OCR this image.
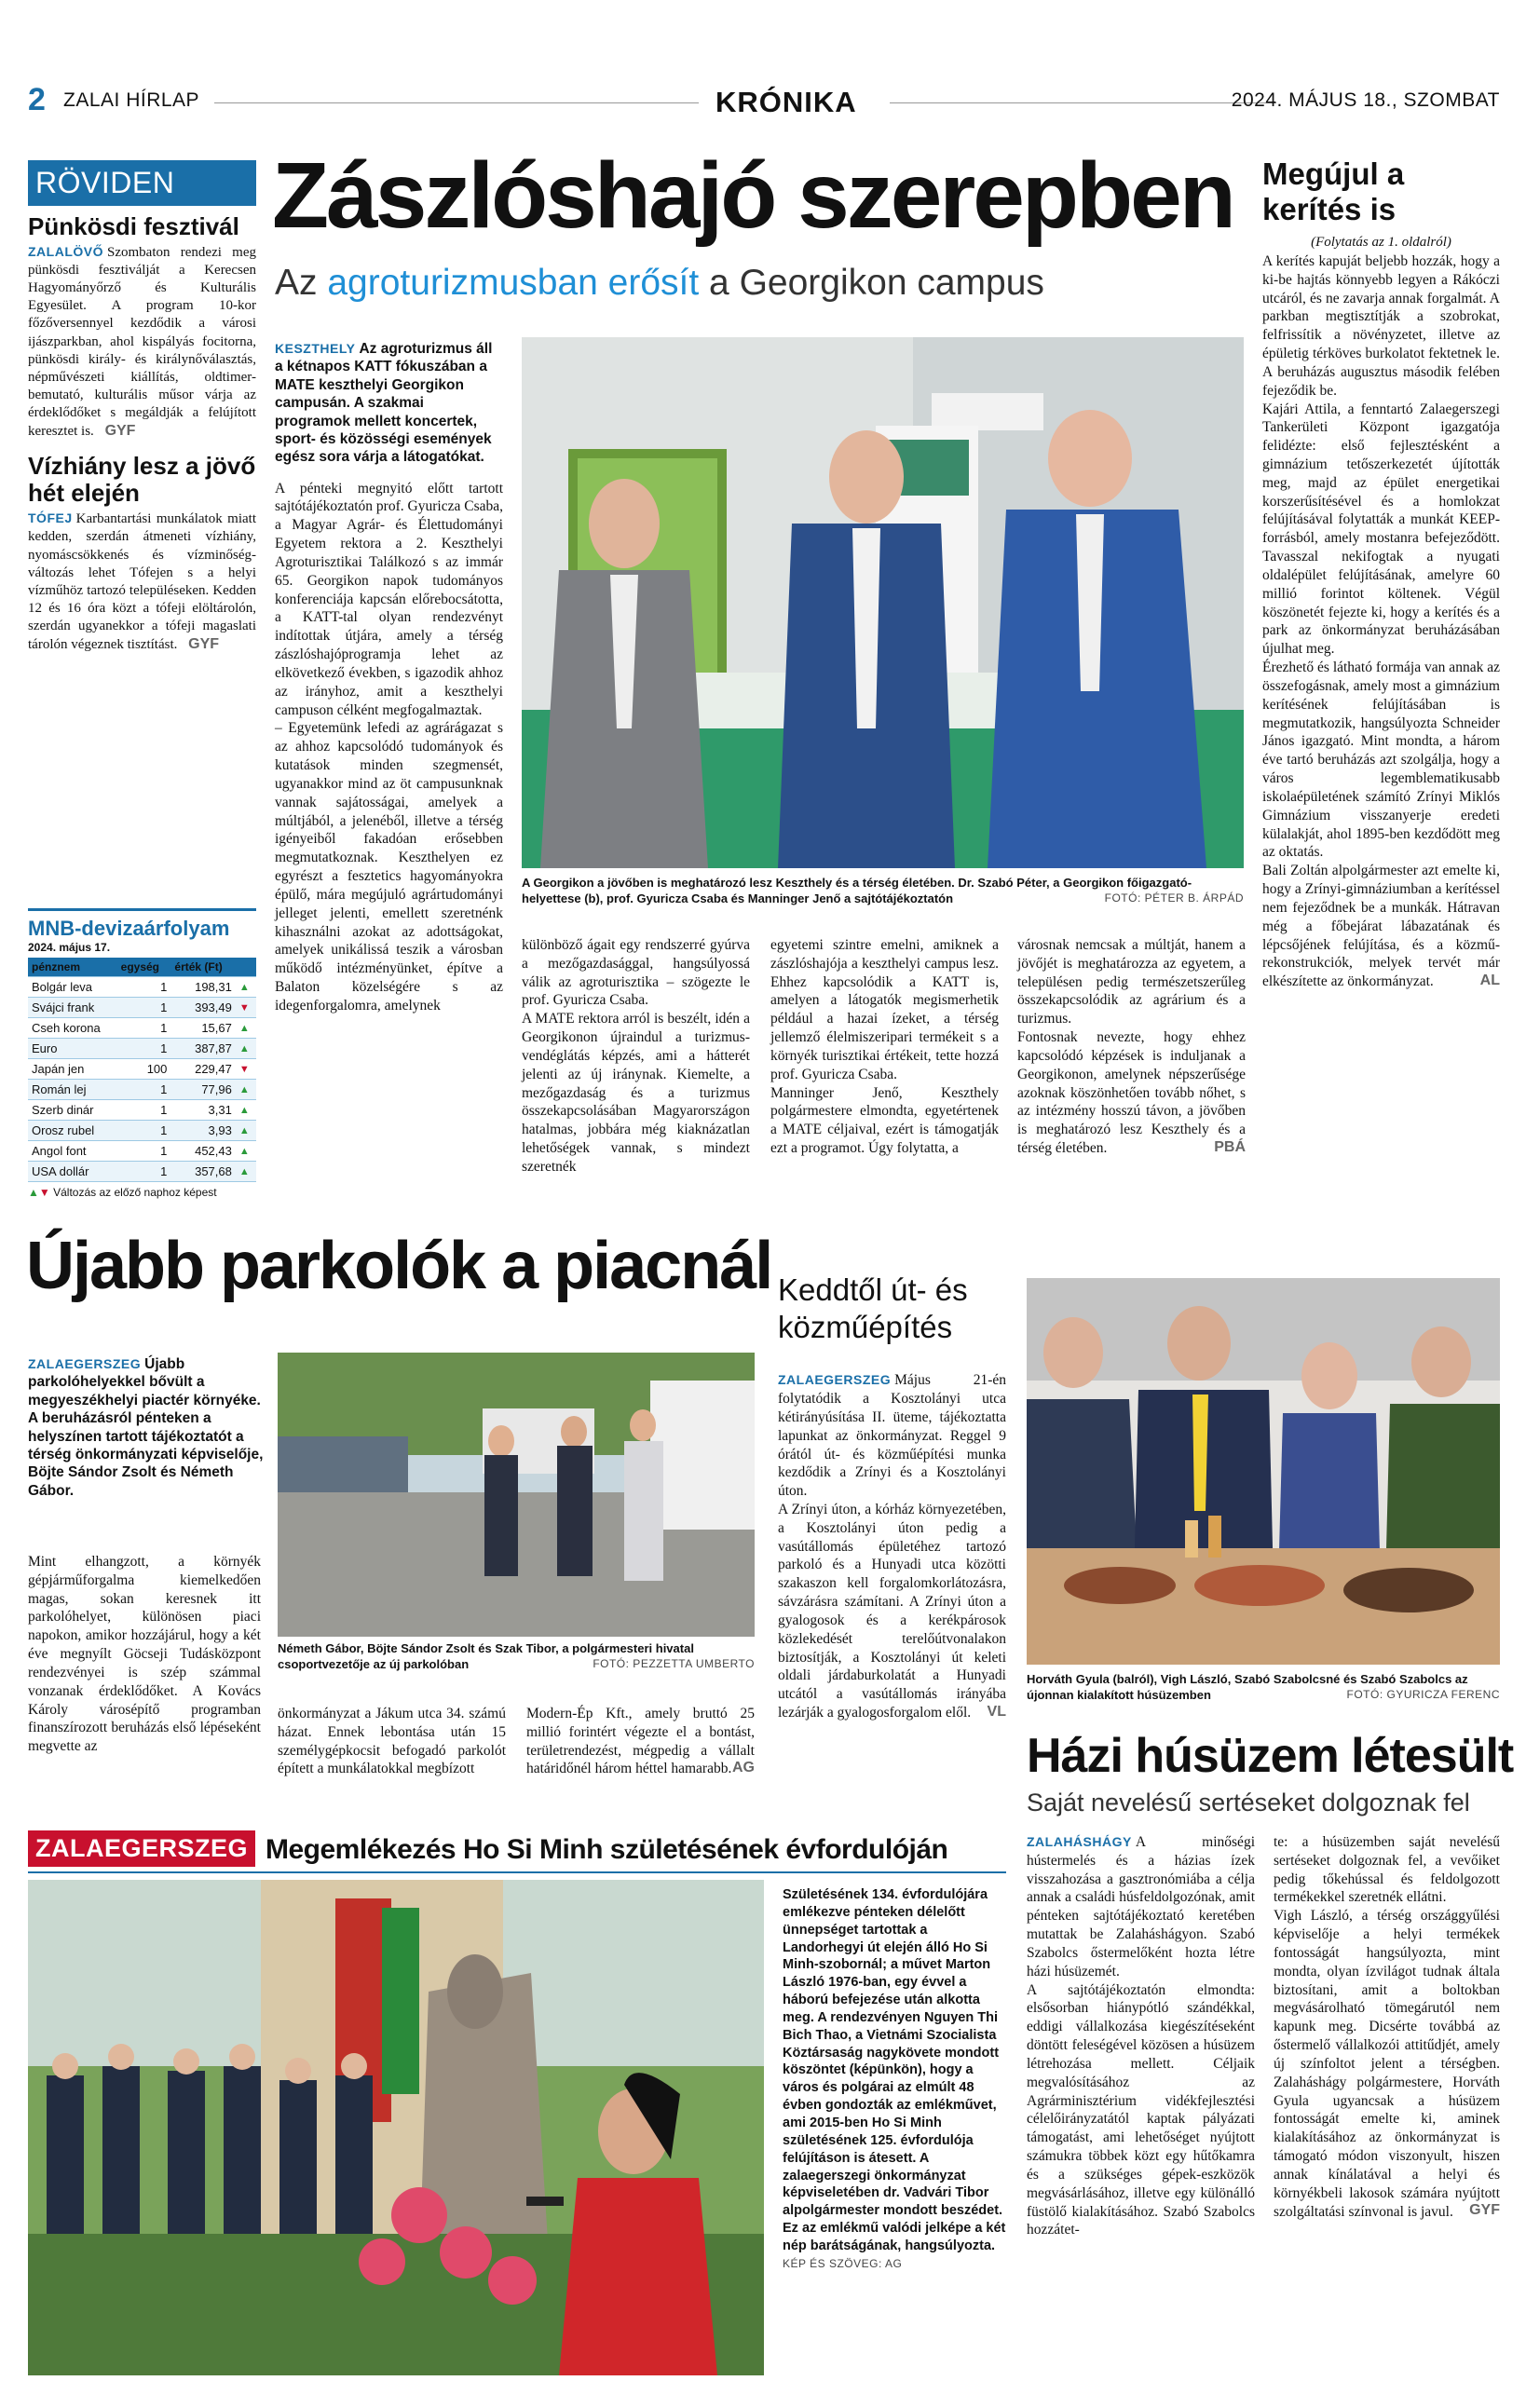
2 ZALAI HÍRLAP	KRÓNIKA	2024. MÁJUS 18., SZOMBAT
RÖVIDEN
Pünkösdi fesztivál
ZALALÖVŐ Szombaton rendezi meg pünkösdi fesztiválját a Kerecsen Hagyományőrző és Kulturális Egyesület. A program 10-kor főzőversennyel kezdődik a városi ijászparkban, ahol kispályás focitorna, pünkösdi király- és királynőválasztás, népművészeti kiállítás, oldtimer-bemutató, kulturális műsor várja az érdeklődőket s megáldják a felújított keresztet is. GYF
Vízhiány lesz a jövő hét elején
TÓFEJ Karbantartási munkálatok miatt kedden, szerdán átmeneti vízhiány, nyomáscsökkenés és vízminőség-változás lehet Tófejen s a helyi vízműhöz tartozó településeken. Kedden 12 és 16 óra közt a tófeji elöltárolón, szerdán ugyanekkor a tófeji magaslati tárolón végeznek tisztítást. GYF
MNB-devizaárfolyam
2024. május 17.
pénznem	egység	érték (Ft)	
Bolgár leva	1	198,31	▲
Svájci frank	1	393,49	▼
Cseh korona	1	15,67	▲
Euro	1	387,87	▲
Japán jen	100	229,47	▼
Román lej	1	77,96	▲
Szerb dinár	1	3,31	▲
Orosz rubel	1	3,93	▲
Angol font	1	452,43	▲
USA dollár	1	357,68	▲
▲▼ Változás az előző naphoz képest
Zászlóshajó szerepben
Az agroturizmusban erősít a Georgikon campus
KESZTHELY Az agroturizmus áll a kétnapos KATT fókuszában a MATE keszthelyi Georgikon campusán. A szakmai programok mellett koncertek, sport- és közösségi események egész sora várja a látogatókat.
A pénteki megnyitó előtt tartott sajtótájékoztatón prof. Gyuricza Csaba, a Magyar Agrár- és Élettudományi Egyetem rektora a 2. Keszthelyi Agroturisztikai Találkozó s az immár 65. Georgikon napok tudományos konferenciája kapcsán előrebocsátotta, a KATT-tal olyan rendezvényt indítottak útjára, amely a térség zászlóshajóprogramja lehet az elkövetkező években, s igazodik ahhoz az irányhoz, amit a keszthelyi campuson célként megfogalmaztak.
– Egyetemünk lefedi az agrárágazat s az ahhoz kapcsolódó tudományok és kutatások minden szegmensét, ugyanakkor mind az öt campusunknak vannak sajátosságai, amelyek a múltjából, a jelenéből, illetve a térség igényeiből fakadóan erősebben megmutatkoznak. Keszthelyen ez egyrészt a fesztetics hagyományokra épülő, mára megújuló agrártudományi jelleget jelenti, emellett szeretnénk kihasználni azokat az adottságokat, amelyek unikálissá teszik a városban működő intézményünket, építve a Balaton közelségére s az idegenforgalomra, amelynek
A Georgikon a jövőben is meghatározó lesz Keszthely és a térség életében. Dr. Szabó Péter, a Georgikon főigazgató-helyettese (b), prof. Gyuricza Csaba és Manninger Jenő a sajtótájékoztatón	FOTÓ: PÉTER B. ÁRPÁD
különböző ágait egy rendszerré gyúrva a mezőgazdasággal, hangsúlyossá válik az agroturisztika – szögezte le prof. Gyuricza Csaba.
A MATE rektora arról is beszélt, idén a Georgikonon újraindul a turizmus-vendéglátás képzés, ami a hátterét jelenti az új iránynak. Kiemelte, a mezőgazdaság és a turizmus összekapcsolásában Magyarországon hatalmas, jobbára még kiaknázatlan lehetőségek vannak, s mindezt szeretnék
egyetemi szintre emelni, amiknek a zászlóshajója a keszthelyi campus lesz. Ehhez kapcsolódik a KATT is, amelyen a látogatók megismerhetik például a hazai ízeket, a térség jellemző élelmiszeripari termékeit s a környék turisztikai értékeit, tette hozzá prof. Gyuricza Csaba.
Manninger Jenő, Keszthely polgármestere elmondta, egyetértenek a MATE céljaival, ezért is támogatják ezt a programot. Úgy folytatta, a
városnak nemcsak a múltját, hanem a jövőjét is meghatározza az egyetem, a településen pedig természetszerűleg összekapcsolódik az agrárium és a turizmus.
Fontosnak nevezte, hogy ehhez kapcsolódó képzések is induljanak a Georgikonon, amelynek népszerűsége azoknak köszönhetően tovább nőhet, s az intézmény hosszú távon, a jövőben is meghatározó lesz Keszthely és a térség életében.	PBÁ
Megújul a kerítés is
(Folytatás az 1. oldalról)
A kerítés kapuját beljebb hozzák, hogy a ki-be hajtás könnyebb legyen a Rákóczi utcáról, és ne zavarja annak forgalmát. A parkban megtisztítják a szobrokat, felfrissítik a növényzetet, illetve az épületig térköves burkolatot fektetnek le. A beruházás augusztus második felében fejeződik be.
Kajári Attila, a fenntartó Zalaegerszegi Tankerületi Központ igazgatója felidézte: első fejlesztésként a gimnázium tetőszerkezetét újították meg, majd az épület energetikai korszerűsítésével és a homlokzat felújításával folytatták a munkát KEEP-forrásból, amely mostanra befejeződött. Tavasszal nekifogtak a nyugati oldalépület felújításának, amelyre 60 millió forintot költenek. Végül köszönetét fejezte ki, hogy a kerítés és a park az önkormányzat beruházásában újulhat meg.
Érezhető és látható formája van annak az összefogásnak, amely most a gimnázium kerítésének felújításában is megmutatkozik, hangsúlyozta Schneider János igazgató. Mint mondta, a három éve tartó beruházás azt szolgálja, hogy a város legemblematikusabb iskolaépületének számító Zrínyi Miklós Gimnázium visszanyerje eredeti külalakját, ahol 1895-ben kezdődött meg az oktatás.
Bali Zoltán alpolgármester azt emelte ki, hogy a Zrínyi-gimnáziumban a kerítéssel nem fejeződnek be a munkák. Hátravan még a főbejárat lábazatának és lépcsőjének felújítása, és a közmű-rekonstrukciók, melyek tervét már elkészítette az önkormányzat.	AL
Újabb parkolók a piacnál
ZALAEGERSZEG Újabb parkolóhelyekkel bővült a megyeszékhelyi piactér környéke. A beruházásról pénteken a helyszínen tartott tájékoztatót a térség önkormányzati képviselője, Böjte Sándor Zsolt és Németh Gábor.
Mint elhangzott, a környék gépjárműforgalma kiemelkedően magas, sokan keresnek itt parkolóhelyet, különösen piaci napokon, amikor hozzájárul, hogy a két éve megnyílt Göcseji Tudásközpont rendezvényei is szép számmal vonzanak érdeklődőket. A Kovács Károly városépítő programban finanszírozott beruházás első lépéseként megvette az
Németh Gábor, Böjte Sándor Zsolt és Szak Tibor, a polgármesteri hivatal csoportvezetője az új parkolóban	FOTÓ: PEZZETTA UMBERTO
önkormányzat a Jákum utca 34. számú házat. Ennek lebontása után 15 személygépkocsit befogadó parkolót épített a munkálatokkal megbízott
Modern-Ép Kft., amely bruttó 25 millió forintért végezte el a bontást, területrendezést, mégpedig a vállalt határidőnél három héttel hamarabb. AG
Keddtől út- és közműépítés
ZALAEGERSZEG Május 21-én folytatódik a Kosztolányi utca kétirányúsítása II. üteme, tájékoztatta lapunkat az önkormányzat. Reggel 9 órától út- és közműépítési munka kezdődik a Zrínyi és a Kosztolányi úton.
A Zrínyi úton, a kórház környezetében, a Kosztolányi úton pedig a vasútállomás épületéhez tartozó parkoló és a Hunyadi utca közötti szakaszon kell forgalomkorlátozásra, sávzárásra számítani. A Zrínyi úton a gyalogosok és a kerékpárosok közlekedését terelőútvonalakon biztosítják, a Kosztolányi út keleti oldali járdaburkolatát a Hunyadi utcától a vasútállomás irányába lezárják a gyalogosforgalom elől.	VL
Horváth Gyula (balról), Vigh László, Szabó Szabolcsné és Szabó Szabolcs az újonnan kialakított húsüzemben	FOTÓ: GYURICZA FERENC
Házi húsüzem létesült
Saját nevelésű sertéseket dolgoznak fel
ZALAHÁSHÁGY A minőségi hústermelés és a házias ízek visszahozása a gasztronómiába a célja annak a családi húsfeldolgozónak, amit pénteken sajtótájékoztató keretében mutattak be Zalaháshágyon. Szabó Szabolcs őstermelőként hozta létre házi húsüzemét.
A sajtótájékoztatón elmondta: elsősorban hiánypótló szándékkal, eddigi vállalkozása kiegészítéseként döntött feleségével közösen a húsüzem létrehozása mellett. Céljaik megvalósításához az Agrárminisztérium vidékfejlesztési célelőirányzatától kaptak pályázati támogatást, ami lehetőséget nyújtott számukra többek közt egy hűtőkamra és a szükséges gépek-eszközök megvásárlásához, illetve egy különálló füstölő kialakításához. Szabó Szabolcs hozzátet-
te: a húsüzemben saját nevelésű sertéseket dolgoznak fel, a vevőiket pedig tőkehússal és feldolgozott termékekkel szeretnék ellátni.
Vigh László, a térség országgyűlési képviselője a helyi termékek fontosságát hangsúlyozta, mint mondta, olyan ízvilágot tudnak általa biztosítani, amit a boltokban megvásárolható tömegárutól nem kapunk meg. Dicsérte továbbá az őstermelő vállalkozói attitűdjét, amely új színfoltot jelent a térségben. Zalaháshágy polgármestere, Horváth Gyula ugyancsak a húsüzem fontosságát emelte ki, aminek kialakításához az önkormányzat is támogató módon viszonyult, hiszen annak kínálatával a helyi és környékbeli lakosok számára nyújtott szolgáltatási színvonal is javul.	GYF
ZALAEGERSZEG Megemlékezés Ho Si Minh születésének évfordulóján
Születésének 134. évfordulójára emlékezve pénteken délelőtt ünnepséget tartottak a Landorhegyi út elején álló Ho Si Minh-szobornál; a művet Marton László 1976-ban, egy évvel a háború befejezése után alkotta meg. A rendezvényen Nguyen Thi Bich Thao, a Vietnámi Szocialista Köztársaság nagykövete mondott köszöntet (képünkön), hogy a város és polgárai az elmúlt 48 évben gondozták az emlékművet, ami 2015-ben Ho Si Minh születésének 125. évfordulója felújításon is átesett. A zalaegerszegi önkormányzat képviseletében dr. Vadvári Tibor alpolgármester mondott beszédet. Ez az emlékmű valódi jelképe a két nép barátságának, hangsúlyozta. KÉP ÉS SZÖVEG: AG
